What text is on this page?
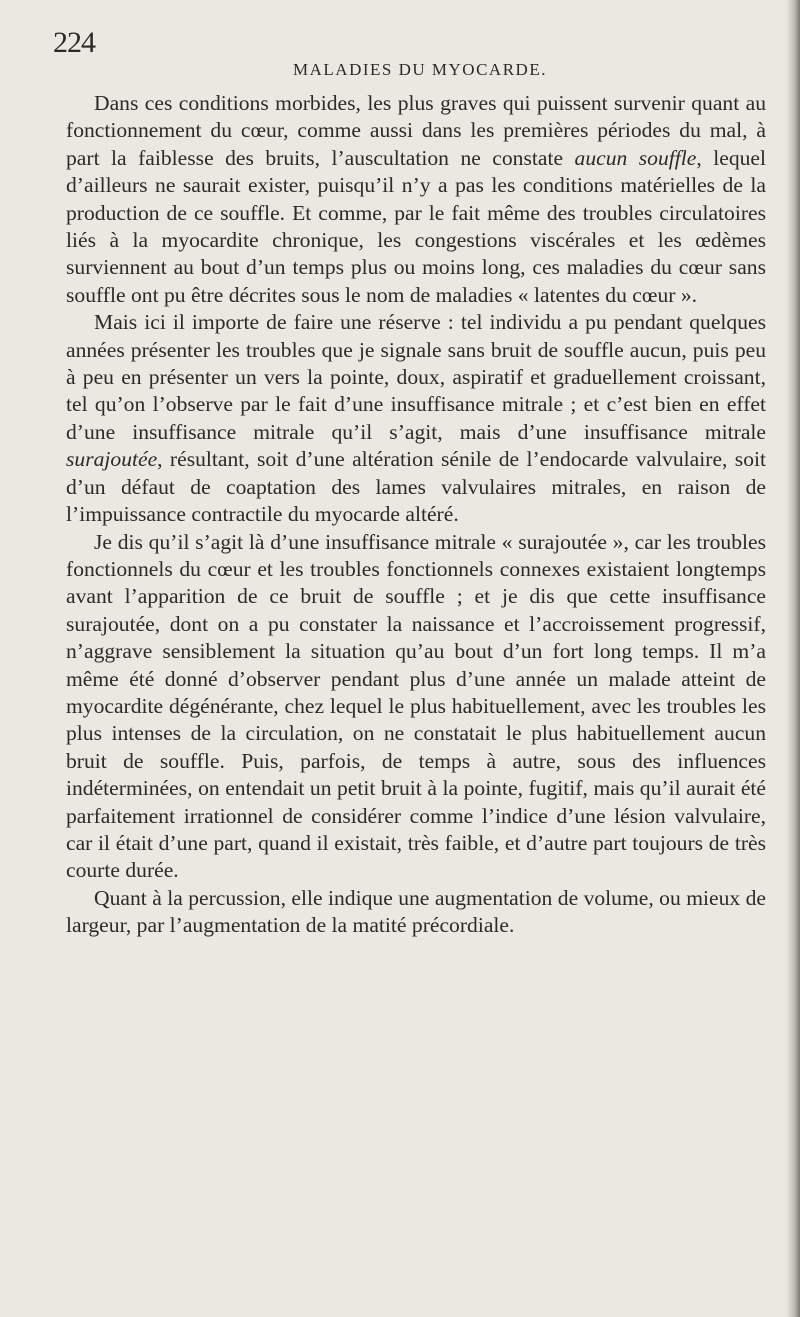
224
MALADIES DU MYOCARDE.

Dans ces conditions morbides, les plus graves qui puissent survenir quant au fonctionnement du cœur, comme aussi dans les premières périodes du mal, à part la faiblesse des bruits, l’auscultation ne constate aucun souffle, lequel d’ailleurs ne saurait exister, puisqu’il n’y a pas les conditions matérielles de la production de ce souffle. Et comme, par le fait même des troubles circulatoires liés à la myocardite chronique, les congestions viscérales et les œdèmes surviennent au bout d’un temps plus ou moins long, ces maladies du cœur sans souffle ont pu être décrites sous le nom de maladies « latentes du cœur ».

Mais ici il importe de faire une réserve : tel individu a pu pendant quelques années présenter les troubles que je signale sans bruit de souffle aucun, puis peu à peu en présenter un vers la pointe, doux, aspiratif et graduellement croissant, tel qu’on l’observe par le fait d’une insuffisance mitrale ; et c’est bien en effet d’une insuffisance mitrale qu’il s’agit, mais d’une insuffisance mitrale surajoutée, résultant, soit d’une altération sénile de l’endocarde valvulaire, soit d’un défaut de coaptation des lames valvulaires mitrales, en raison de l’impuissance contractile du myocarde altéré.

Je dis qu’il s’agit là d’une insuffisance mitrale « surajoutée », car les troubles fonctionnels du cœur et les troubles fonctionnels connexes existaient longtemps avant l’apparition de ce bruit de souffle ; et je dis que cette insuffisance surajoutée, dont on a pu constater la naissance et l’accroissement progressif, n’aggrave sensiblement la situation qu’au bout d’un fort long temps. Il m’a même été donné d’observer pendant plus d’une année un malade atteint de myocardite dégénérante, chez lequel le plus habituellement, avec les troubles les plus intenses de la circulation, on ne constatait le plus habituellement aucun bruit de souffle. Puis, parfois, de temps à autre, sous des influences indéterminées, on entendait un petit bruit à la pointe, fugitif, mais qu’il aurait été parfaitement irrationnel de considérer comme l’indice d’une lésion valvulaire, car il était d’une part, quand il existait, très faible, et d’autre part toujours de très courte durée.

Quant à la percussion, elle indique une augmentation de volume, ou mieux de largeur, par l’augmentation de la matité précordiale.
